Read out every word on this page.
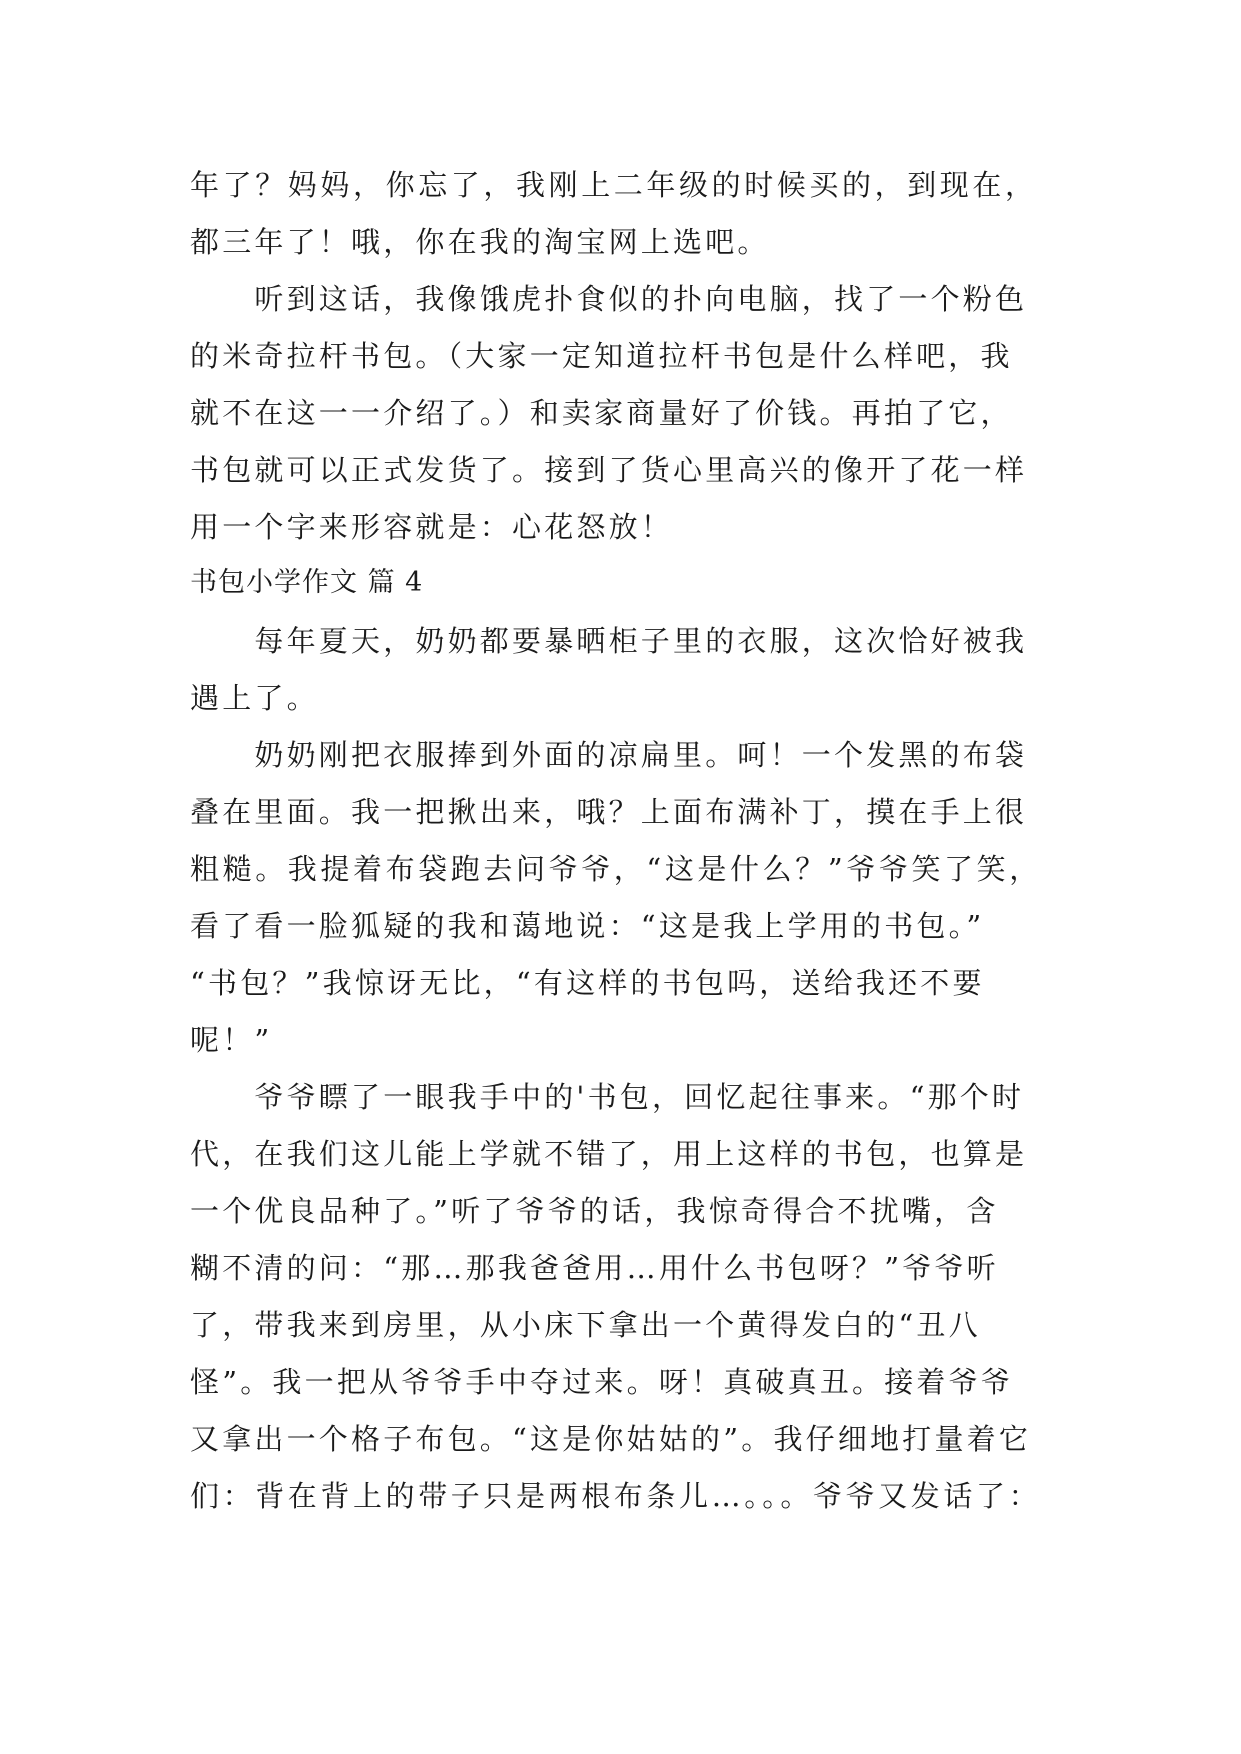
年了？妈妈，你忘了，我刚上二年级的时候买的，到现在，
都三年了！哦，你在我的淘宝网上选吧。
　　听到这话，我像饿虎扑食似的扑向电脑，找了一个粉色
的米奇拉杆书包。（大家一定知道拉杆书包是什么样吧，我
就不在这一一介绍了。）和卖家商量好了价钱。再拍了它，
书包就可以正式发货了。接到了货心里高兴的像开了花一样
用一个字来形容就是：心花怒放！
书包小学作文 篇 4
　　每年夏天，奶奶都要暴晒柜子里的衣服，这次恰好被我
遇上了。
　　奶奶刚把衣服捧到外面的凉扁里。呵！一个发黑的布袋
叠在里面。我一把揪出来，哦？上面布满补丁，摸在手上很
粗糙。我提着布袋跑去问爷爷，“这是什么？”爷爷笑了笑，
看了看一脸狐疑的我和蔼地说：“这是我上学用的书包。”
“书包？”我惊讶无比，“有这样的书包吗，送给我还不要
呢！”
　　爷爷瞟了一眼我手中的'书包，回忆起往事来。“那个时
代，在我们这儿能上学就不错了，用上这样的书包，也算是
一个优良品种了。”听了爷爷的话，我惊奇得合不扰嘴，含
糊不清的问：“那…那我爸爸用…用什么书包呀？”爷爷听
了，带我来到房里，从小床下拿出一个黄得发白的“丑八
怪”。我一把从爷爷手中夺过来。呀！真破真丑。接着爷爷
又拿出一个格子布包。“这是你姑姑的”。我仔细地打量着它
们：背在背上的带子只是两根布条儿…。。。爷爷又发话了：
